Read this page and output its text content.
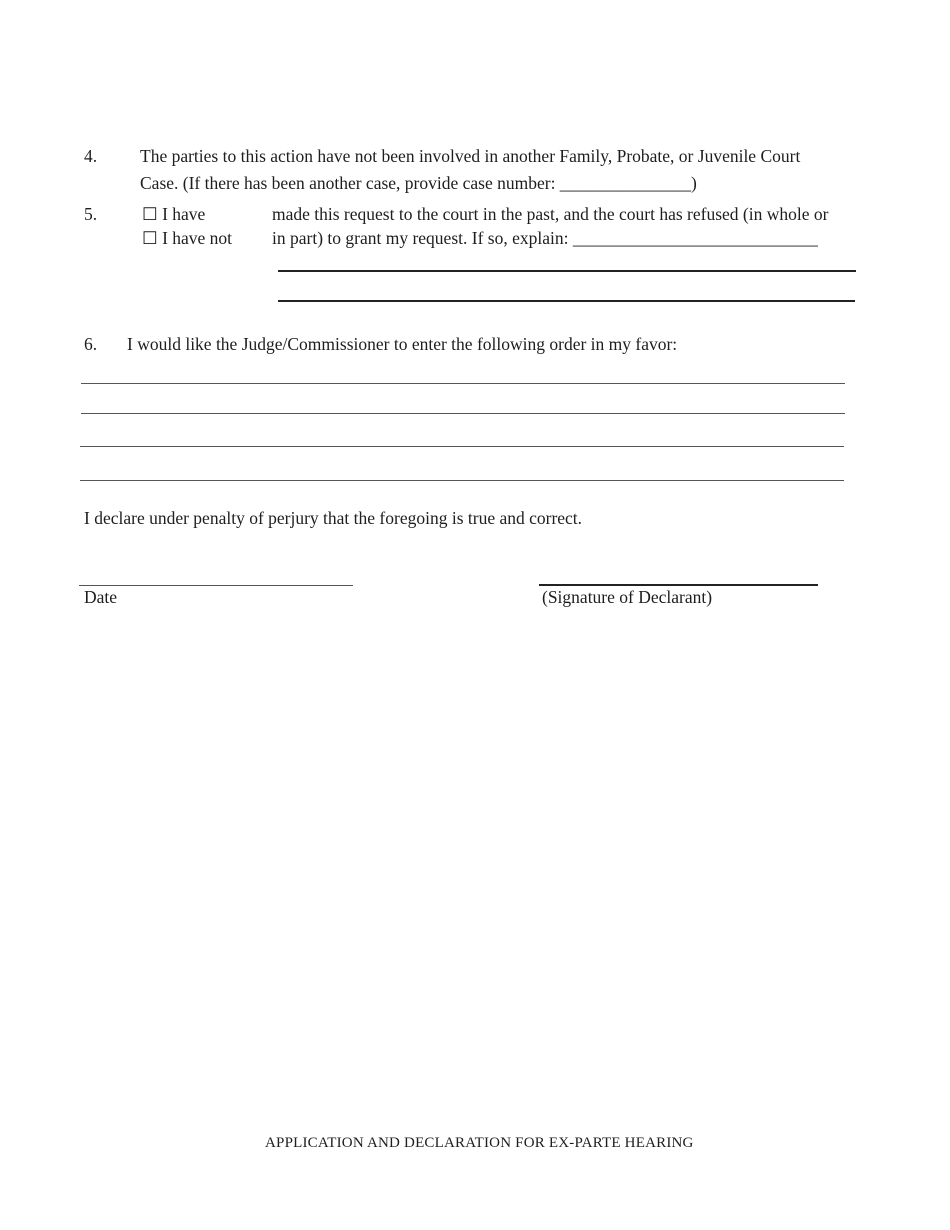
4. The parties to this action have not been involved in another Family, Probate, or Juvenile Court
Case. (If there has been another case, provide case number: _______________)
5.	☐ I have
☐ I have not
made this request to the court in the past, and the court has refused (in whole or
in part) to grant my request. If so, explain: ____________________________
6. I would like the Judge/Commissioner to enter the following order in my favor:
I declare under penalty of perjury that the foregoing is true and correct.
Date	(Signature of Declarant)
APPLICATION AND DECLARATION FOR EX-PARTE HEARING
